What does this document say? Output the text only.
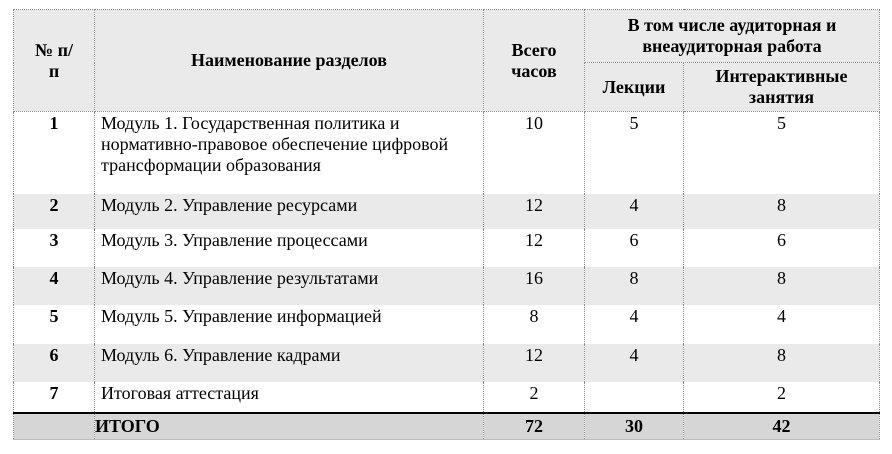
№ п/п	Наименование разделов	Всего часов	В том числе аудиторная и внеаудиторная работа	
			Лекции	Интерактивные занятия
1	Модуль 1. Государственная политика и нормативно-правовое обеспечение цифровой трансформации образования	10	5	5
2	Модуль 2. Управление ресурсами	12	4	8
3	Модуль 3. Управление процессами	12	6	6
4	Модуль 4. Управление результатами	16	8	8
5	Модуль 5. Управление информацией	8	4	4
6	Модуль 6. Управление кадрами	12	4	8
7	Итоговая аттестация	2		2
	ИТОГО	72	30	42
